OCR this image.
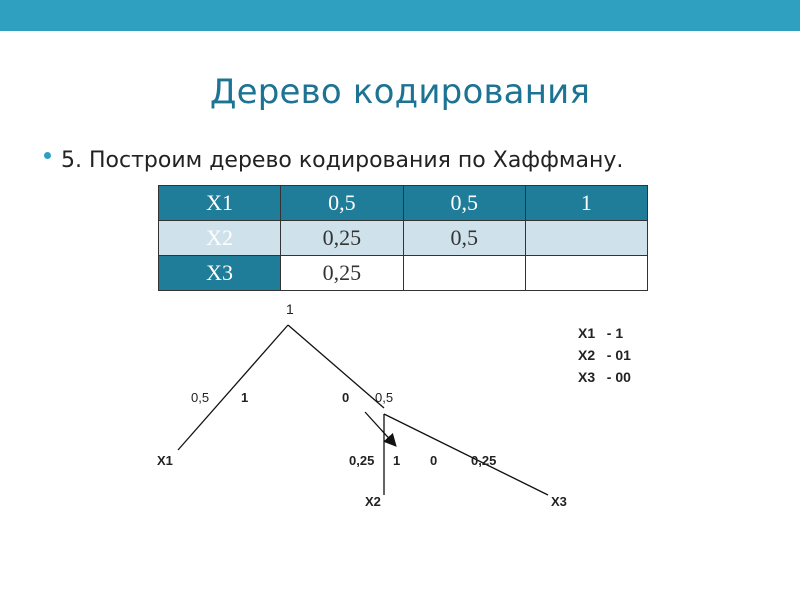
Дерево кодирования
5. Построим дерево кодирования по Хаффману.
X1	0,5	0,5	1
X2	0,25	0,5	
X3	0,25		
1
0,5 1	0 0,5
X1	0,25 1 0	0,25
X2	X3
X1 - 1
X2 - 01
X3 - 00
